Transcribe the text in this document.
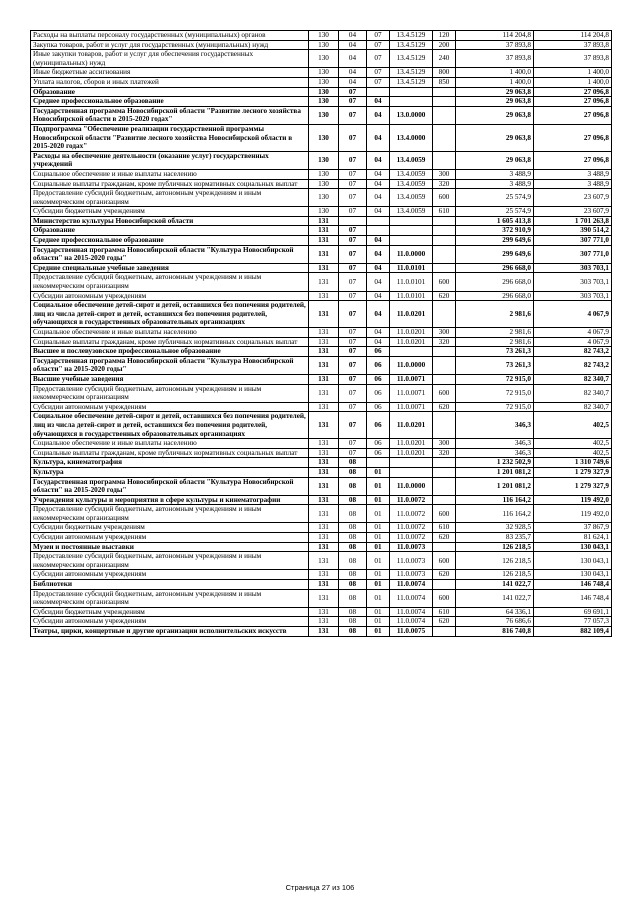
Расходы на выплаты персоналу государственных (муниципальных) органов	130	04	07	13.4.5129	120	114 204,8	114 204,8
Закупка товаров, работ и услуг для государственных (муниципальных) нужд	130	04	07	13.4.5129	200	37 893,8	37 893,8
Иные закупки товаров, работ и услуг для обеспечения государственных (муниципальных) нужд	130	04	07	13.4.5129	240	37 893,8	37 893,8
Иные бюджетные ассигнования	130	04	07	13.4.5129	800	1 400,0	1 400,0
Уплата налогов, сборов и иных платежей	130	04	07	13.4.5129	850	1 400,0	1 400,0
Образование	130	07				29 063,8	27 096,8
Среднее профессиональное образование	130	07	04			29 063,8	27 096,8
Государственная программа Новосибирской области "Развитие лесного хозяйства Новосибирской области в 2015-2020 годах"	130	07	04	13.0.0000		29 063,8	27 096,8
Подпрограмма "Обеспечение реализации государственной программы Новосибирской области "Развитие лесного хозяйства Новосибирской области в 2015-2020 годах"	130	07	04	13.4.0000		29 063,8	27 096,8
Расходы на обеспечение деятельности (оказание услуг) государственных учреждений	130	07	04	13.4.0059		29 063,8	27 096,8
Социальное обеспечение и иные выплаты населению	130	07	04	13.4.0059	300	3 488,9	3 488,9
Социальные выплаты гражданам, кроме публичных нормативных социальных выплат	130	07	04	13.4.0059	320	3 488,9	3 488,9
Предоставление субсидий бюджетным, автономным учреждениям и иным некоммерческим организациям	130	07	04	13.4.0059	600	25 574,9	23 607,9
Субсидии бюджетным учреждениям	130	07	04	13.4.0059	610	25 574,9	23 607,9
Министерство культуры Новосибирской области	131					1 605 413,8	1 701 263,8
Образование	131	07				372 910,9	390 514,2
Среднее профессиональное образование	131	07	04			299 649,6	307 771,0
Государственная программа Новосибирской области "Культура Новосибирской области" на 2015-2020 годы"	131	07	04	11.0.0000		299 649,6	307 771,0
Средние специальные учебные заведения	131	07	04	11.0.0101		296 668,0	303 703,1
Предоставление субсидий бюджетным, автономным учреждениям и иным некоммерческим организациям	131	07	04	11.0.0101	600	296 668,0	303 703,1
Субсидии автономным учреждениям	131	07	04	11.0.0101	620	296 668,0	303 703,1
Социальное обеспечение детей-сирот и детей, оставшихся без попечения родителей, лиц из числа детей-сирот и детей, оставшихся без попечения родителей, обучающихся в государственных образовательных организациях	131	07	04	11.0.0201		2 981,6	4 067,9
Социальное обеспечение и иные выплаты населению	131	07	04	11.0.0201	300	2 981,6	4 067,9
Социальные выплаты гражданам, кроме публичных нормативных социальных выплат	131	07	04	11.0.0201	320	2 981,6	4 067,9
Высшее и послевузовское профессиональное образование	131	07	06			73 261,3	82 743,2
Государственная программа Новосибирской области "Культура Новосибирской области" на 2015-2020 годы"	131	07	06	11.0.0000		73 261,3	82 743,2
Высшие учебные заведения	131	07	06	11.0.0071		72 915,0	82 340,7
Предоставление субсидий бюджетным, автономным учреждениям и иным некоммерческим организациям	131	07	06	11.0.0071	600	72 915,0	82 340,7
Субсидии автономным учреждениям	131	07	06	11.0.0071	620	72 915,0	82 340,7
Социальное обеспечение детей-сирот и детей, оставшихся без попечения родителей, лиц из числа детей-сирот и детей, оставшихся без попечения родителей, обучающихся в государственных образовательных организациях	131	07	06	11.0.0201		346,3	402,5
Социальное обеспечение и иные выплаты населению	131	07	06	11.0.0201	300	346,3	402,5
Социальные выплаты гражданам, кроме публичных нормативных социальных выплат	131	07	06	11.0.0201	320	346,3	402,5
Культура, кинематография	131	08				1 232 502,9	1 310 749,6
Культура	131	08	01			1 201 081,2	1 279 327,9
Государственная программа Новосибирской области "Культура Новосибирской области" на 2015-2020 годы"	131	08	01	11.0.0000		1 201 081,2	1 279 327,9
Учреждения культуры и мероприятия в сфере культуры и кинематографии	131	08	01	11.0.0072		116 164,2	119 492,0
Предоставление субсидий бюджетным, автономным учреждениям и иным некоммерческим организациям	131	08	01	11.0.0072	600	116 164,2	119 492,0
Субсидии бюджетным учреждениям	131	08	01	11.0.0072	610	32 928,5	37 867,9
Субсидии автономным учреждениям	131	08	01	11.0.0072	620	83 235,7	81 624,1
Музеи и постоянные выставки	131	08	01	11.0.0073		126 218,5	130 043,1
Предоставление субсидий бюджетным, автономным учреждениям и иным некоммерческим организациям	131	08	01	11.0.0073	600	126 218,5	130 043,1
Субсидии автономным учреждениям	131	08	01	11.0.0073	620	126 218,5	130 043,1
Библиотеки	131	08	01	11.0.0074		141 022,7	146 748,4
Предоставление субсидий бюджетным, автономным учреждениям и иным некоммерческим организациям	131	08	01	11.0.0074	600	141 022,7	146 748,4
Субсидии бюджетным учреждениям	131	08	01	11.0.0074	610	64 336,1	69 691,1
Субсидии автономным учреждениям	131	08	01	11.0.0074	620	76 686,6	77 057,3
Театры, цирки, концертные и другие организации исполнительских искусств	131	08	01	11.0.0075		816 740,8	882 109,4
Страница 27 из 106
